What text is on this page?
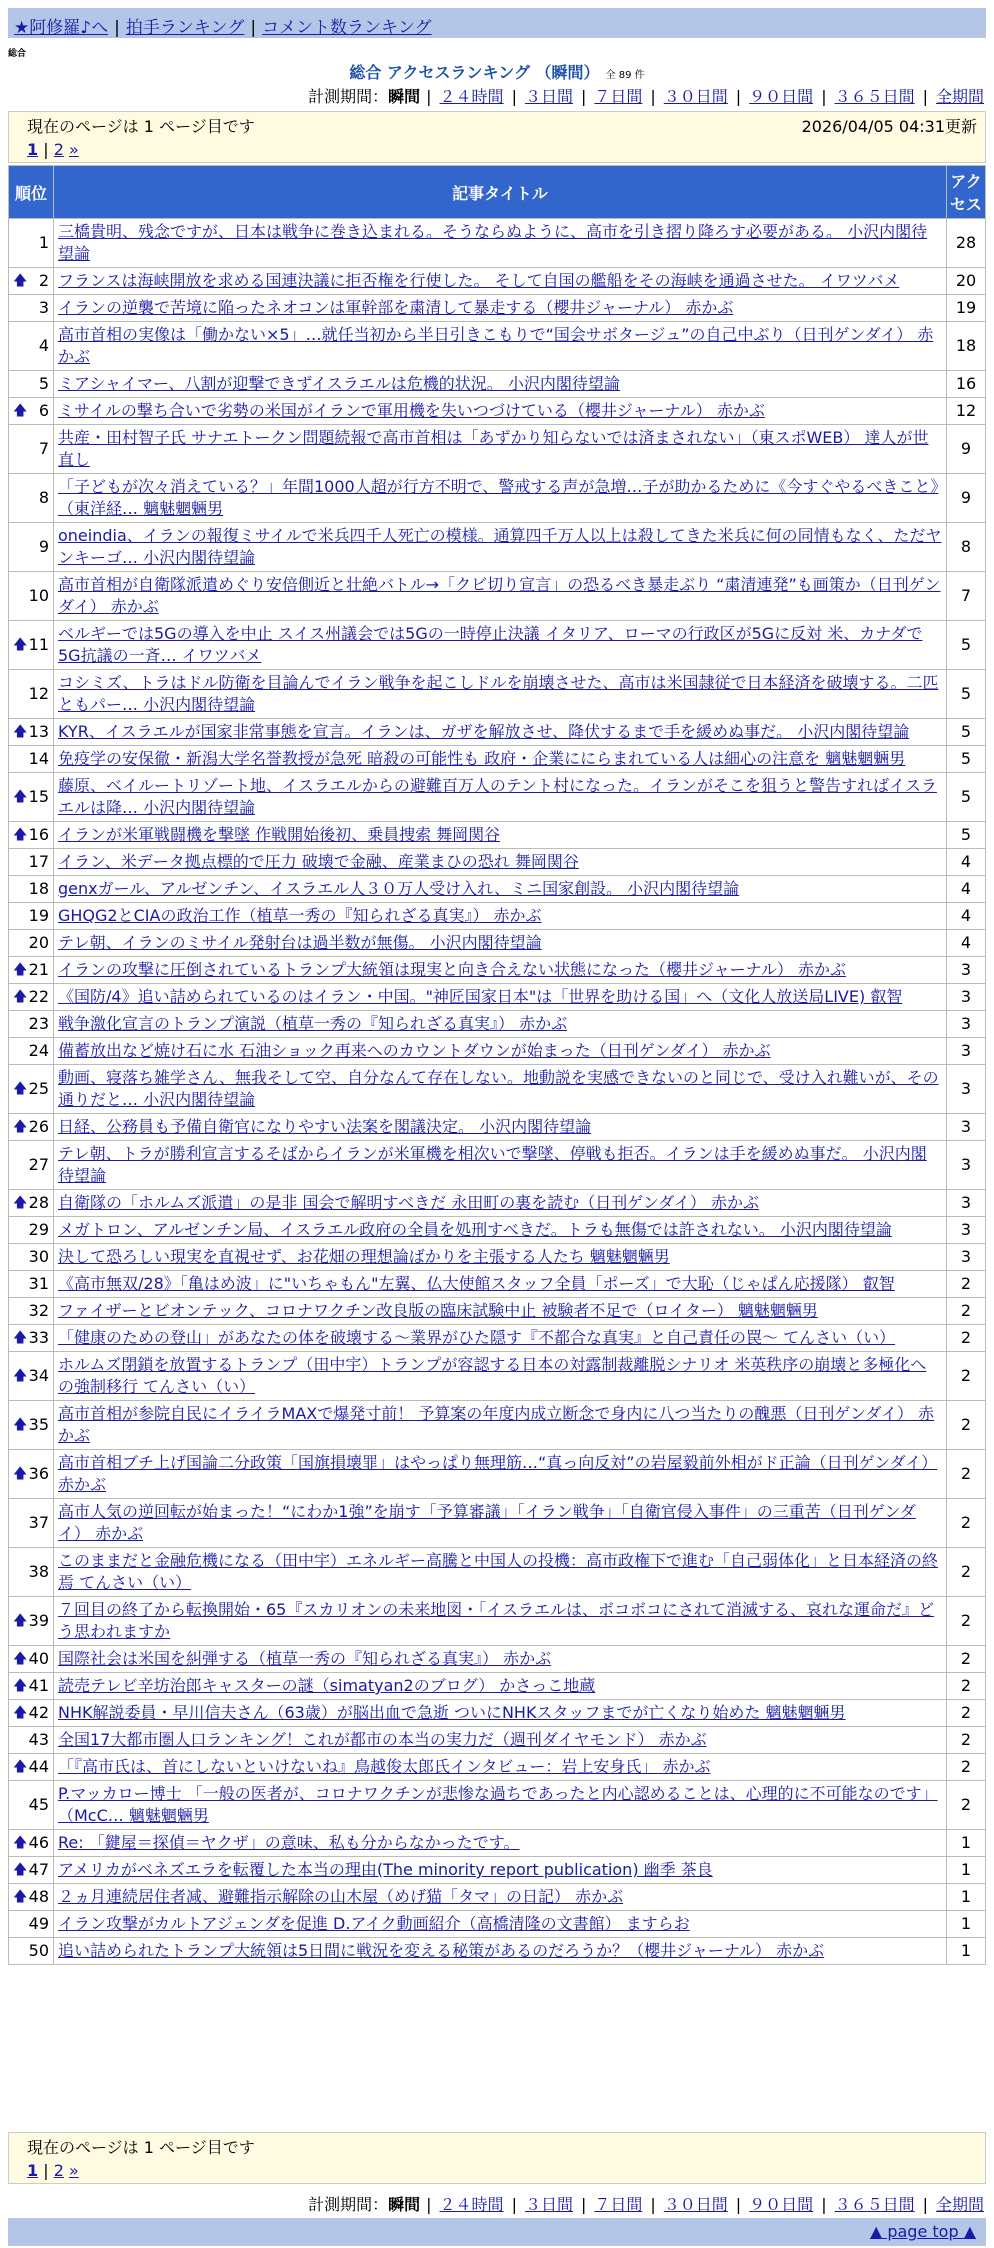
★阿修羅♪へ | 拍手ランキング | コメント数ランキング
総合
総合 アクセスランキング （瞬間） 全 89 件
計測期間：瞬間 | ２４時間 | ３日間 | ７日間 | ３０日間 | ９０日間 | ３６５日間 | 全期間
現在のページは 1 ページ目です	2026/04/05 04:31更新
1 | 2 »
順位	記事タイトル	アクセス
1	三橋貴明、残念ですが、日本は戦争に巻き込まれる。そうならぬように、高市を引き摺り降ろす必要がある。 小沢内閣待望論	28

🡅 2	フランスは海峡開放を求める国連決議に拒否権を行使した。 そして自国の艦船をその海峡を通過させた。 イワツバメ	20
3	イランの逆襲で苦境に陥ったネオコンは軍幹部を粛清して暴走する（櫻井ジャーナル） 赤かぶ	19
4	高市首相の実像は「働かない×5」…就任当初から半日引きこもりで“国会サボタージュ”の自己中ぶり（日刊ゲンダイ） 赤かぶ	18
5	ミアシャイマー、八割が迎撃できずイスラエルは危機的状況。 小沢内閣待望論	16

🡅 6	ミサイルの撃ち合いで劣勢の米国がイランで軍用機を失いつづけている（櫻井ジャーナル） 赤かぶ	12
7	共産・田村智子氏 サナエトークン問題続報で高市首相は「あずかり知らないでは済まされない」（東スポWEB） 達人が世直し	9
8	「子どもが次々消えている？」年間1000人超が行方不明で、警戒する声が急増…子が助かるために《今すぐやるべきこと》（東洋経… 魑魅魍魎男	9
9	oneindia、イランの報復ミサイルで米兵四千人死亡の模様。通算四千万人以上は殺してきた米兵に何の同情もなく、ただヤンキーゴ… 小沢内閣待望論	8
10	高市首相が自衛隊派遣めぐり安倍側近と壮絶バトル→「クビ切り宣言」の恐るべき暴走ぶり “粛清連発”も画策か（日刊ゲンダイ） 赤かぶ	7

🡅 11	ベルギーでは5Gの導入を中止 スイス州議会では5Gの一時停止決議 イタリア、ローマの行政区が5Gに反対 米、カナダで5G抗議の一斉… イワツバメ	5
12	コシミズ、トラはドル防衛を目論んでイラン戦争を起こしドルを崩壊させた、高市は米国隷従で日本経済を破壊する。二匹ともパー… 小沢内閣待望論	5

🡅 13	KYR、イスラエルが国家非常事態を宣言。イランは、ガザを解放させ、降伏するまで手を緩めぬ事だ。 小沢内閣待望論	5
14	免疫学の安保徹・新潟大学名誉教授が急死 暗殺の可能性も 政府・企業ににらまれている人は細心の注意を 魑魅魍魎男	5

🡅 15	藤原、ベイルートリゾート地、イスラエルからの避難百万人のテント村になった。イランがそこを狙うと警告すればイスラエルは降… 小沢内閣待望論	5

🡅 16	イランが米軍戦闘機を撃墜 作戦開始後初、乗員捜索 舞岡関谷	5
17	イラン、米データ拠点標的で圧力 破壊で金融、産業まひの恐れ 舞岡関谷	4
18	genxガール、アルゼンチン、イスラエル人３０万人受け入れ、ミニ国家創設。 小沢内閣待望論	4
19	GHQG2とCIAの政治工作（植草一秀の『知られざる真実』） 赤かぶ	4
20	テレ朝、イランのミサイル発射台は過半数が無傷。 小沢内閣待望論	4

🡅 21	イランの攻撃に圧倒されているトランプ大統領は現実と向き合えない状態になった（櫻井ジャーナル） 赤かぶ	3

🡅 22	《国防/4》追い詰められているのはイラン・中国。"神匠国家日本"は「世界を助ける国」へ（文化人放送局LIVE) 叡智	3
23	戦争激化宣言のトランプ演説（植草一秀の『知られざる真実』） 赤かぶ	3
24	備蓄放出など焼け石に水 石油ショック再来へのカウントダウンが始まった（日刊ゲンダイ） 赤かぶ	3

🡅 25	動画、寝落ち雑学さん、無我そして空、自分なんて存在しない。地動説を実感できないのと同じで、受け入れ難いが、その通りだと… 小沢内閣待望論	3

🡅 26	日経、公務員も予備自衛官になりやすい法案を閣議決定。 小沢内閣待望論	3
27	テレ朝、トラが勝利宣言するそばからイランが米軍機を相次いで撃墜、停戦も拒否。イランは手を緩めぬ事だ。 小沢内閣待望論	3

🡅 28	自衛隊の「ホルムズ派遣」の是非 国会で解明すべきだ 永田町の裏を読む（日刊ゲンダイ） 赤かぶ	3
29	メガトロン、アルゼンチン局、イスラエル政府の全員を処刑すべきだ。トラも無傷では許されない。 小沢内閣待望論	3
30	決して恐ろしい現実を直視せず、お花畑の理想論ばかりを主張する人たち 魑魅魍魎男	3
31	《高市無双/28》「亀はめ波」に"いちゃもん"左翼、仏大使館スタッフ全員「ポーズ」で大恥（じゃぱん応援隊） 叡智	2
32	ファイザーとビオンテック、コロナワクチン改良版の臨床試験中止 被験者不足で（ロイター） 魑魅魍魎男	2

🡅 33	「健康のための登山」があなたの体を破壊する〜業界がひた隠す『不都合な真実』と自己責任の罠〜 てんさい（い）	2

🡅 34	ホルムズ閉鎖を放置するトランプ（田中宇）トランプが容認する日本の対露制裁離脱シナリオ 米英秩序の崩壊と多極化への強制移行 てんさい（い）	2

🡅 35	高市首相が参院自民にイライラMAXで爆発寸前！ 予算案の年度内成立断念で身内に八つ当たりの醜悪（日刊ゲンダイ） 赤かぶ	2

🡅 36	高市首相ブチ上げ国論二分政策「国旗損壊罪」はやっぱり無理筋…“真っ向反対”の岩屋毅前外相がド正論（日刊ゲンダイ） 赤かぶ	2
37	高市人気の逆回転が始まった！“にわか1強”を崩す「予算審議」「イラン戦争」「自衛官侵入事件」の三重苦（日刊ゲンダイ） 赤かぶ	2
38	このままだと金融危機になる（田中宇）エネルギー高騰と中国人の投機：高市政権下で進む「自己弱体化」と日本経済の終焉 てんさい（い）	2

🡅 39	７回目の終了から転換開始・65『スカリオンの未来地図・「イスラエルは、ボコボコにされて消滅する、哀れな運命だ』どう思われますか	2

🡅 40	国際社会は米国を糾弾する（植草一秀の『知られざる真実』） 赤かぶ	2

🡅 41	読売テレビ辛坊治郎キャスターの謎（simatyan2のブログ） かさっこ地蔵	2

🡅 42	NHK解説委員・早川信夫さん（63歳）が脳出血で急逝 ついにNHKスタッフまでが亡くなり始めた 魑魅魍魎男	2
43	全国17大都市圏人口ランキング！これが都市の本当の実力だ（週刊ダイヤモンド） 赤かぶ	2

🡅 44	「『高市氏は、首にしないといけないね』鳥越俊太郎氏インタビュー：岩上安身氏」 赤かぶ	2
45	P.マッカロー博士 「一般の医者が、コロナワクチンが悲惨な過ちであったと内心認めることは、心理的に不可能なのです」（McC… 魑魅魍魎男	2

🡅 46	Re: 「鍵屋＝探偵＝ヤクザ」の意味、私も分からなかったです。	1

🡅 47	アメリカがベネズエラを転覆した本当の理由(The minority report publication) 幽季 茶良	1

🡅 48	２ヵ月連続居住者减、避難指示解除の山木屋（めげ猫「タマ」の日記） 赤かぶ	1
49	イラン攻撃がカルトアジェンダを促進 D.アイク動画紹介（高橋清隆の文書館） ますらお	1
50	追い詰められたトランプ大統領は5日間に戦況を変える秘策があるのだろうか？（櫻井ジャーナル） 赤かぶ	1
現在のページは 1 ページ目です
1 | 2 »
計測期間：瞬間 | ２４時間 | ３日間 | ７日間 | ３０日間 | ９０日間 | ３６５日間 | 全期間
▲ page top ▲
